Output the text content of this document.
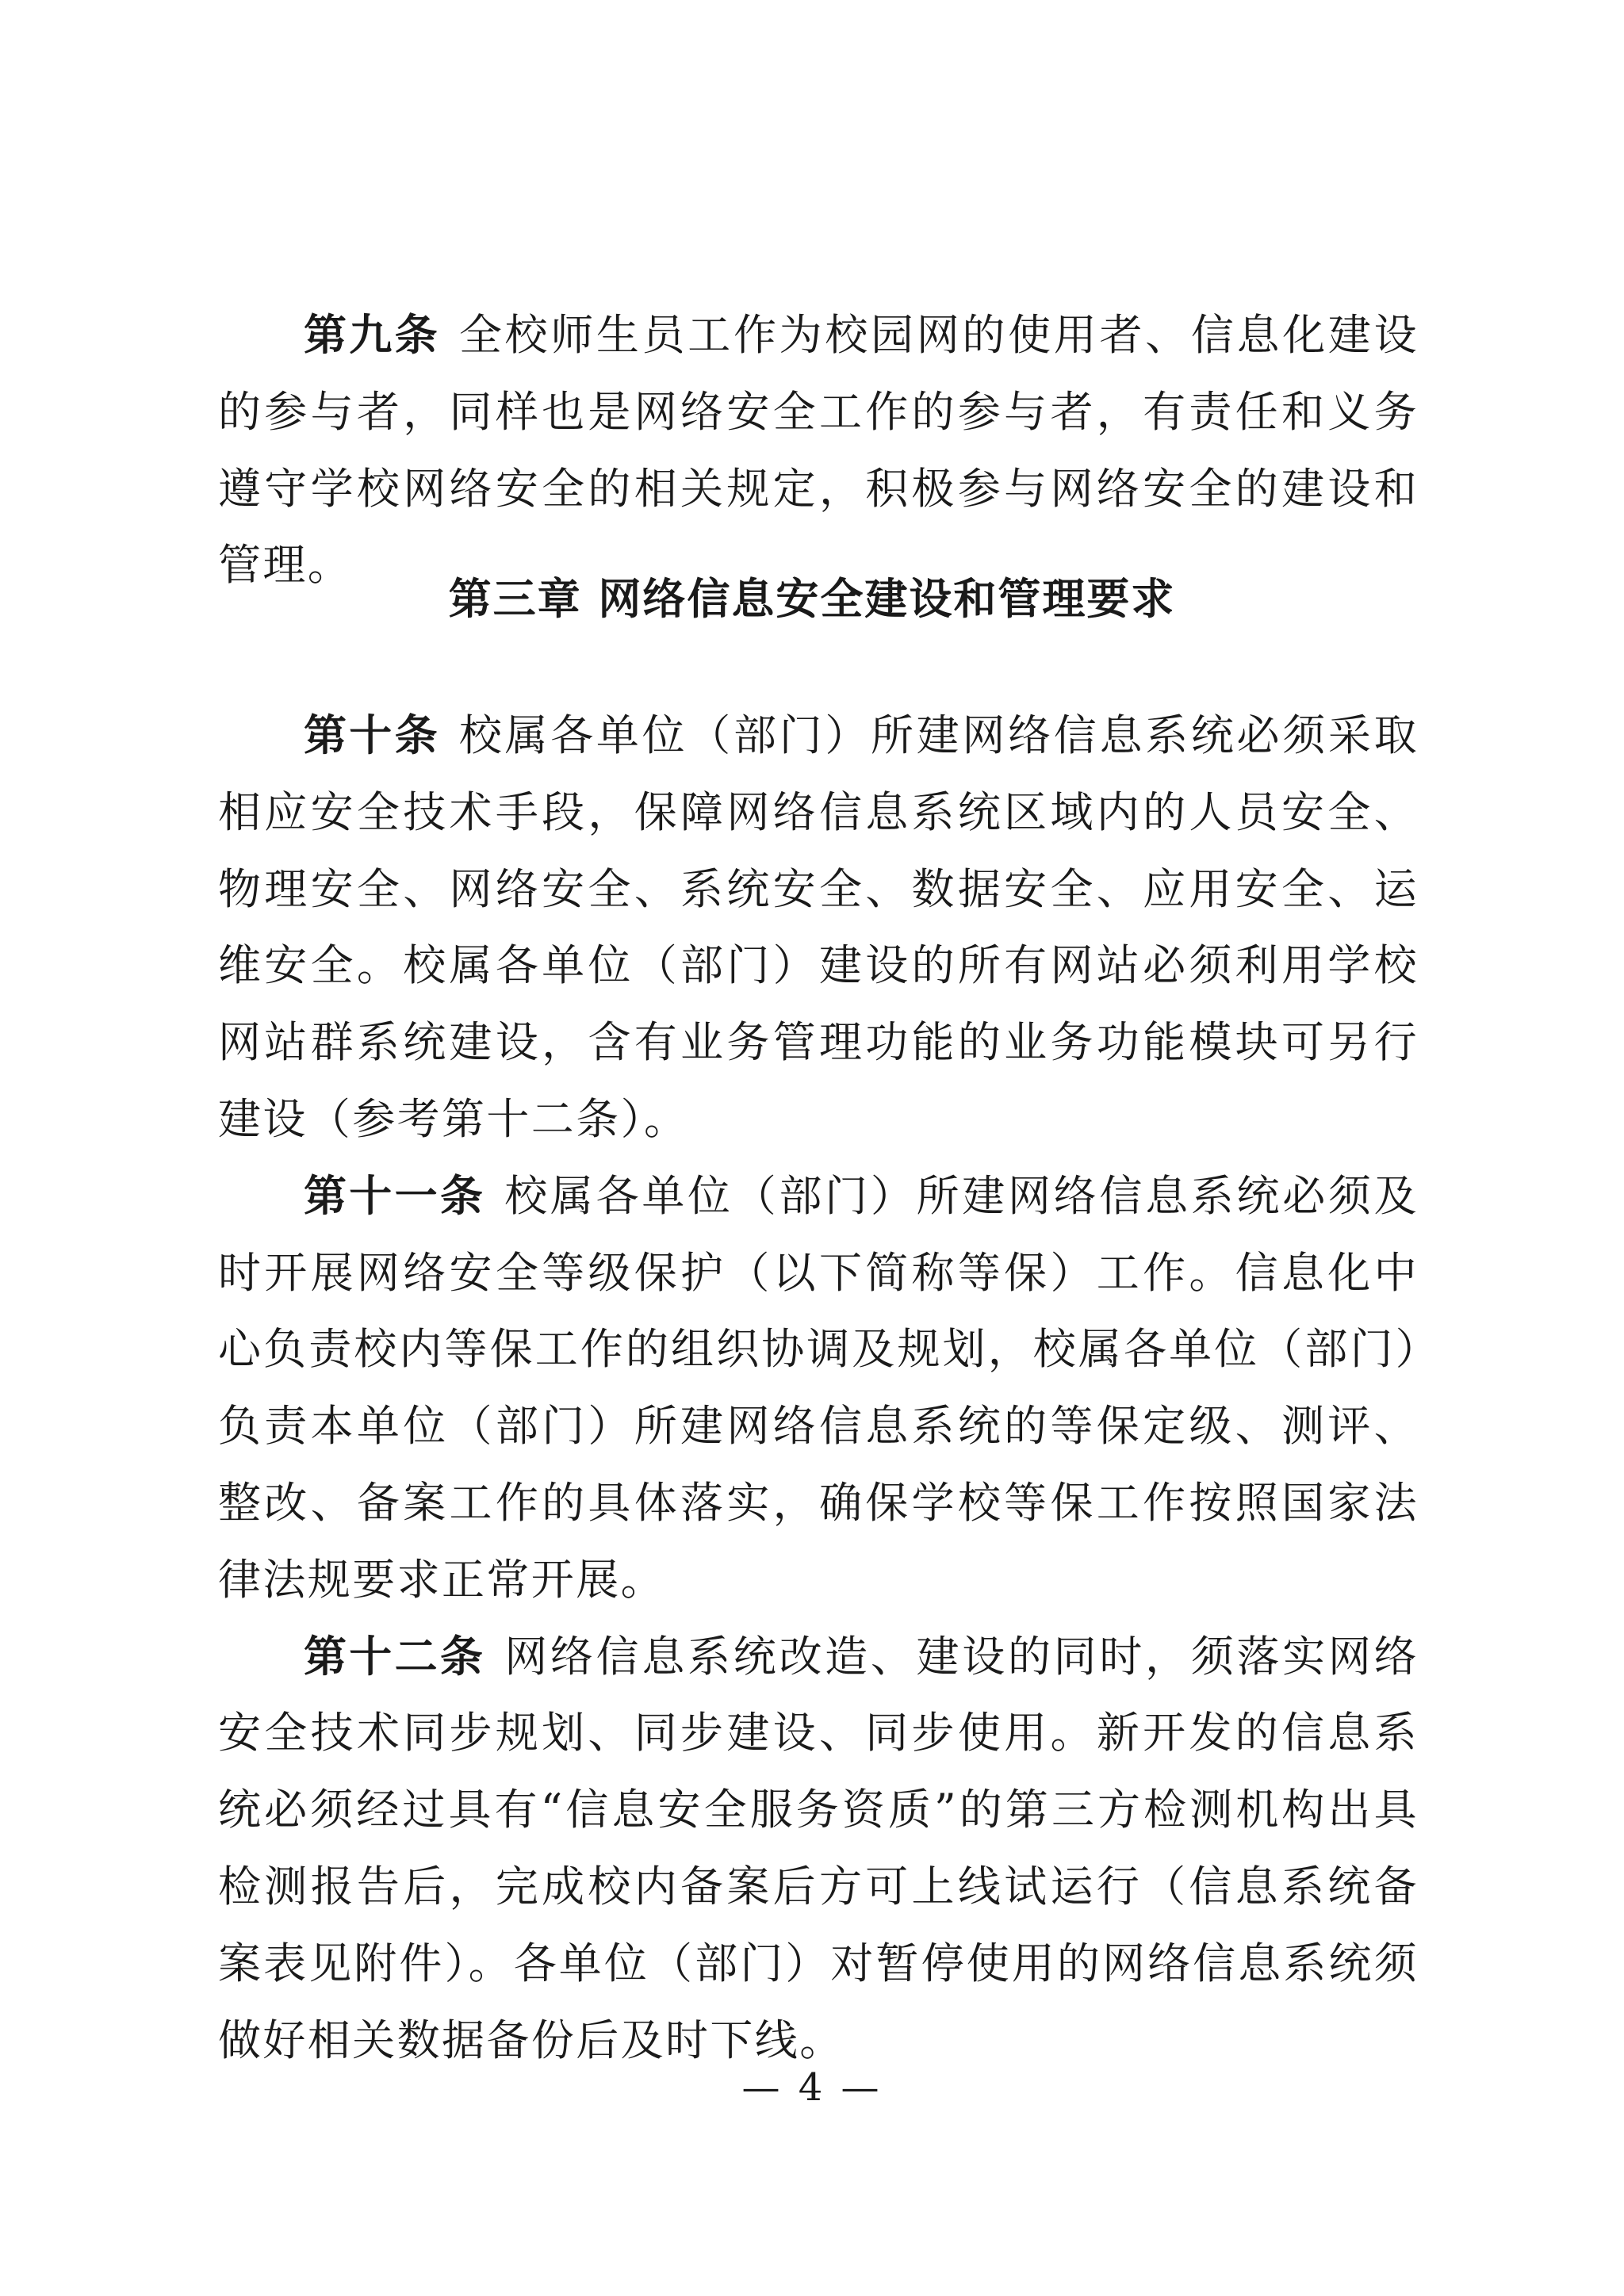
第九条 全校师生员工作为校园网的使用者、信息化建设的参与者，同样也是网络安全工作的参与者，有责任和义务遵守学校网络安全的相关规定，积极参与网络安全的建设和管理。

第三章 网络信息安全建设和管理要求

第十条 校属各单位（部门）所建网络信息系统必须采取相应安全技术手段，保障网络信息系统区域内的人员安全、物理安全、网络安全、系统安全、数据安全、应用安全、运维安全。校属各单位（部门）建设的所有网站必须利用学校网站群系统建设，含有业务管理功能的业务功能模块可另行建设（参考第十二条）。

第十一条 校属各单位（部门）所建网络信息系统必须及时开展网络安全等级保护（以下简称等保）工作。信息化中心负责校内等保工作的组织协调及规划，校属各单位（部门）负责本单位（部门）所建网络信息系统的等保定级、测评、整改、备案工作的具体落实，确保学校等保工作按照国家法律法规要求正常开展。

第十二条 网络信息系统改造、建设的同时，须落实网络安全技术同步规划、同步建设、同步使用。新开发的信息系统必须经过具有“信息安全服务资质”的第三方检测机构出具检测报告后，完成校内备案后方可上线试运行（信息系统备案表见附件）。各单位（部门）对暂停使用的网络信息系统须做好相关数据备份后及时下线。

— 4 —
